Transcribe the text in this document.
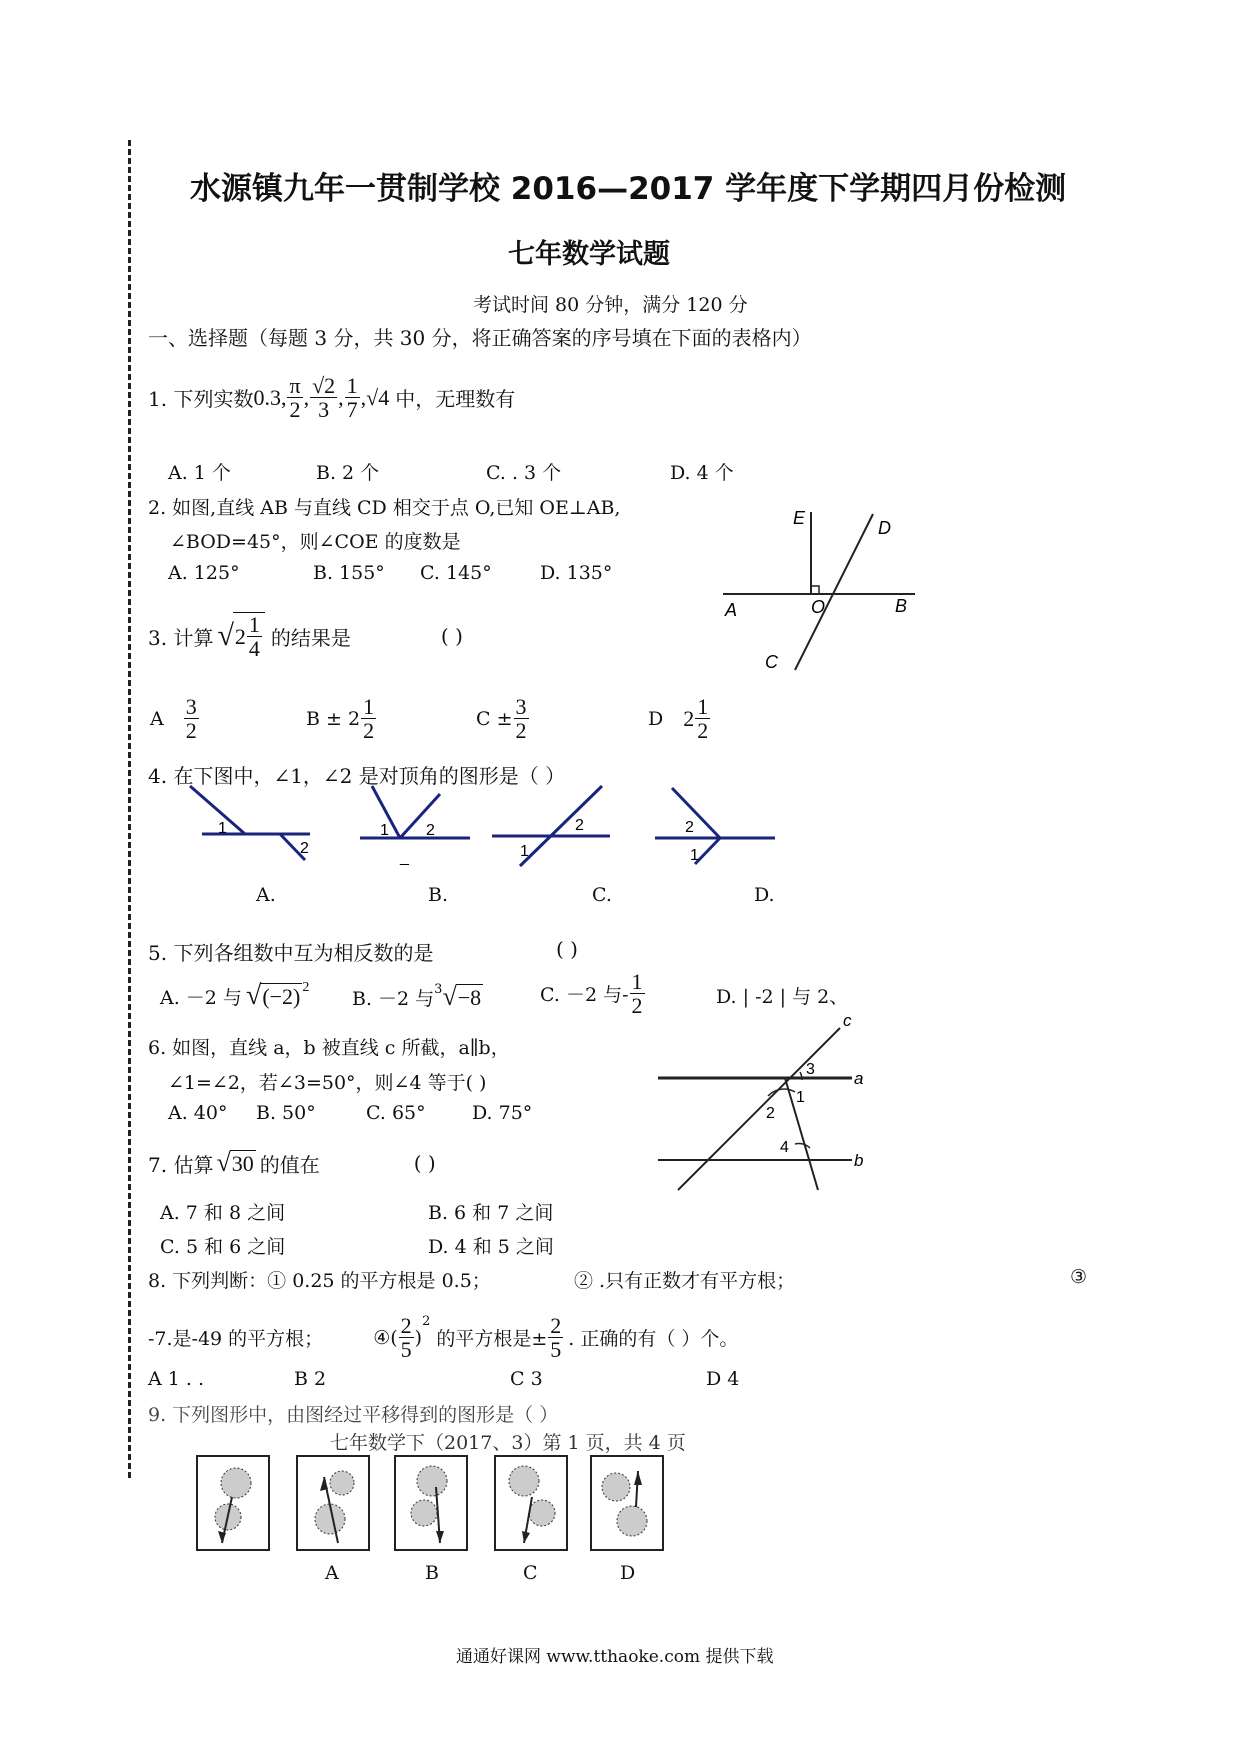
水源镇九年一贯制学校 2016—2017 学年度下学期四月份检测
七年数学试题
考试时间 80 分钟，满分 120 分
一、选择题（每题 3 分，共 30 分，将正确答案的序号填在下面的表格内）
1. 下列实数 0.3, $\frac{\pi}{2}$ , $\frac{√2}{3}$ , $\frac{1}{7}$ , √4 中，无理数有
A. 1 个	B. 2 个	C. . 3 个	D. 4 个
2. 如图,直线 AB 与直线 CD 相交于点 O,已知 OE⊥AB,
∠BOD=45°，则∠COE 的度数是
A. 125°	B. 155° C. 145°	D. 135°
E	D
A	O	B
C
3. 计算 √ $2 \frac{1}{4}$ 的结果是	( )
A $\frac{3}{2}$	$B \pm 2 \frac{1}{2}$	$C \pm \frac{3}{2}$	D $2 \frac{1}{2}$
4. 在下图中，∠1，∠2 是对顶角的图形是（ ）
1
2
1 2
_
2
1
2
1
A.	B.	C.	D.
5. 下列各组数中互为相反数的是	( )
A. －2 与 √ $(-2)^2$ B. －2 与$^3$ √ −8	C. －2 与- $\frac{1}{2}$	D. | -2 | 与 2、
6. 如图，直线 a，b 被直线 c 所截，a∥b，
∠1=∠2，若∠3=50°，则∠4 等于( )
A. 40° B. 50°	C. 65° D. 75°
c
a
b
3
1
2
4
7. 估算 √ 30 的值在	( )
A. 7 和 8 之间	B. 6 和 7 之间
C. 5 和 6 之间	D. 4 和 5 之间
8. 下列判断：① 0.25 的平方根是 0.5；	② .只有正数才有平方根；	③
-7.是-49 的平方根；	④( $\frac{2}{5}$ )
$^2$
的平方根是± $\frac{2}{5}$ . 正确的有（ ）个。
A 1 . .	B 2	C 3	D 4
9. 下列图形中，由图经过平移得到的图形是（ ）
七年数学下（2017、3）第 1 页，共 4 页
A	B	C	D
通通好课网 www.tthaoke.com 提供下载
